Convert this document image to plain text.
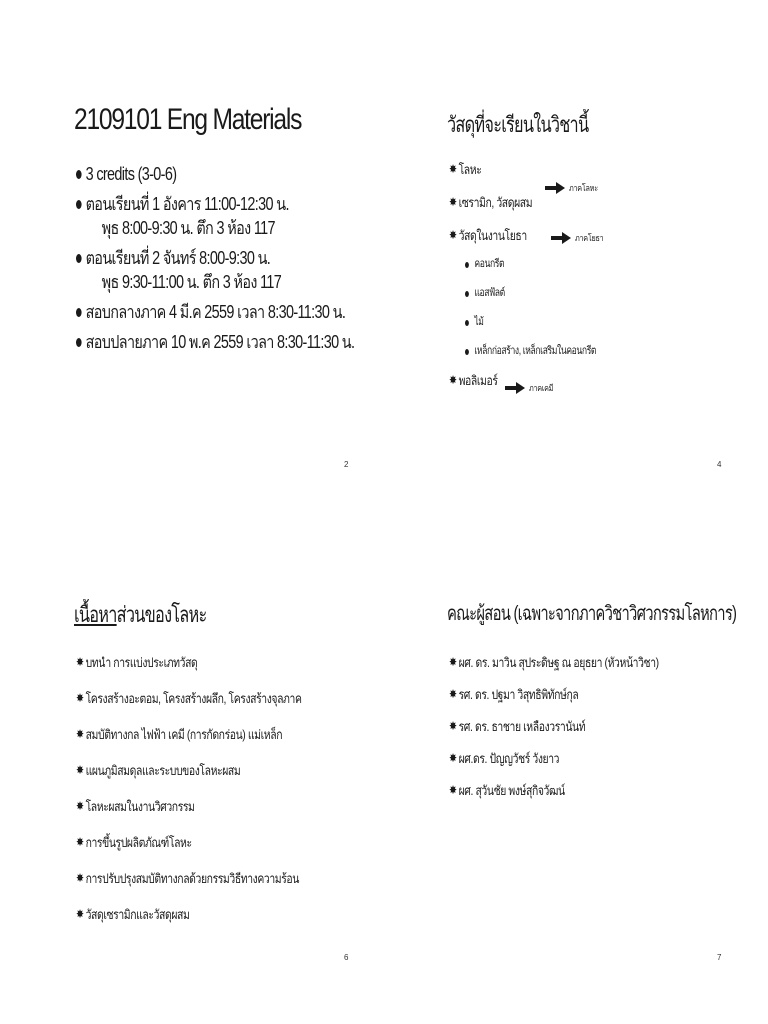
2109101 Eng Materials
3 credits (3-0-6)
ตอนเรียนที่ 1 อังคาร 11:00-12:30 น.
พุธ 8:00-9:30 น. ตึก 3 ห้อง 117
ตอนเรียนที่ 2 จันทร์ 8:00-9:30 น.
พุธ 9:30-11:00 น. ตึก 3 ห้อง 117
สอบกลางภาค 4 มี.ค 2559 เวลา 8:30-11:30 น.
สอบปลายภาค 10 พ.ค 2559 เวลา 8:30-11:30 น.
2
วัสดุที่จะเรียนในวิชานี้
✸ โลหะ
✸ เซรามิก, วัสดุผสม
✸ วัสดุในงานโยธา
คอนกรีต
แอสฟัลต์
ไม้
เหล็กก่อสร้าง, เหล็กเสริมในคอนกรีต
✸ พอลิเมอร์
ภาคโลหะ
ภาคโยธา
ภาคเคมี
4
เนื้อหาส่วนของโลหะ
✸ บทนำ การแบ่งประเภทวัสดุ
✸ โครงสร้างอะตอม, โครงสร้างผลึก, โครงสร้างจุลภาค
✸ สมบัติทางกล ไฟฟ้า เคมี (การกัดกร่อน) แม่เหล็ก
✸ แผนภูมิสมดุลและระบบของโลหะผสม
✸ โลหะผสมในงานวิศวกรรม
✸ การขึ้นรูปผลิตภัณฑ์โลหะ
✸ การปรับปรุงสมบัติทางกลด้วยกรรมวิธีทางความร้อน
✸ วัสดุเซรามิกและวัสดุผสม
6
คณะผู้สอน (เฉพาะจากภาควิชาวิศวกรรมโลหการ)
✸ ผศ. ดร. มาวิน สุประดิษฐ ณ อยุธยา (หัวหน้าวิชา)
✸ รศ. ดร. ปฐมา วิสุทธิพิทักษ์กุล
✸ รศ. ดร. ธาชาย เหลืองวรานันท์
✸ ผศ.ดร. ปัญญวัชร์ วังยาว
✸ ผศ. สุวันชัย พงษ์สุกิจวัฒน์
7
